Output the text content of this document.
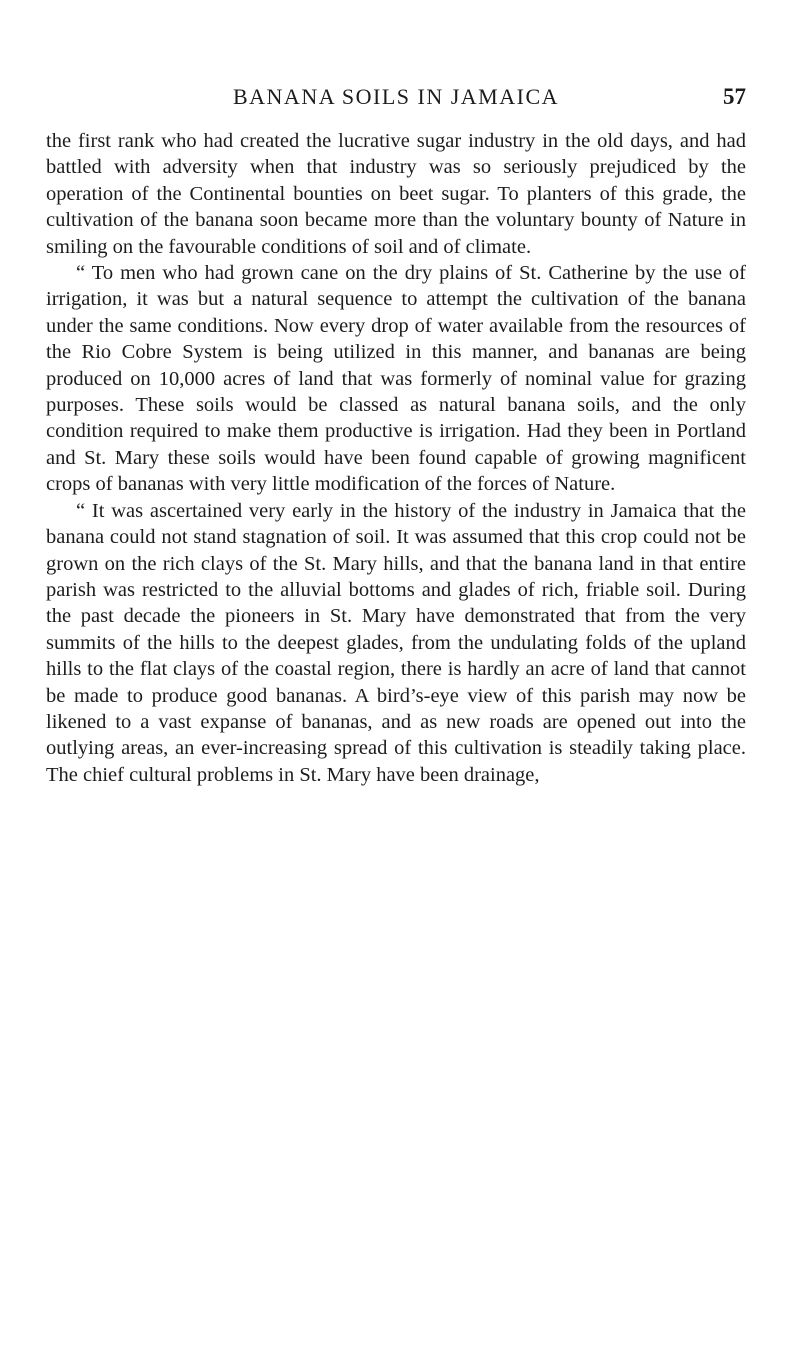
BANANA SOILS IN JAMAICA	57

the first rank who had created the lucrative sugar industry in the old days, and had battled with adversity when that industry was so seriously prejudiced by the operation of the Continental bounties on beet sugar. To planters of this grade, the cultivation of the banana soon became more than the voluntary bounty of Nature in smiling on the favourable conditions of soil and of climate.

“ To men who had grown cane on the dry plains of St. Catherine by the use of irrigation, it was but a natural sequence to attempt the cultivation of the banana under the same conditions. Now every drop of water available from the resources of the Rio Cobre System is being utilized in this manner, and bananas are being produced on 10,000 acres of land that was formerly of nominal value for grazing purposes. These soils would be classed as natural banana soils, and the only condition required to make them productive is irrigation. Had they been in Portland and St. Mary these soils would have been found capable of growing magnificent crops of bananas with very little modification of the forces of Nature.

“ It was ascertained very early in the history of the industry in Jamaica that the banana could not stand stagnation of soil. It was assumed that this crop could not be grown on the rich clays of the St. Mary hills, and that the banana land in that entire parish was restricted to the alluvial bottoms and glades of rich, friable soil. During the past decade the pioneers in St. Mary have demonstrated that from the very summits of the hills to the deepest glades, from the undulating folds of the upland hills to the flat clays of the coastal region, there is hardly an acre of land that cannot be made to produce good bananas. A bird’s-eye view of this parish may now be likened to a vast expanse of bananas, and as new roads are opened out into the outlying areas, an ever-increasing spread of this cultivation is steadily taking place. The chief cultural problems in St. Mary have been drainage,
